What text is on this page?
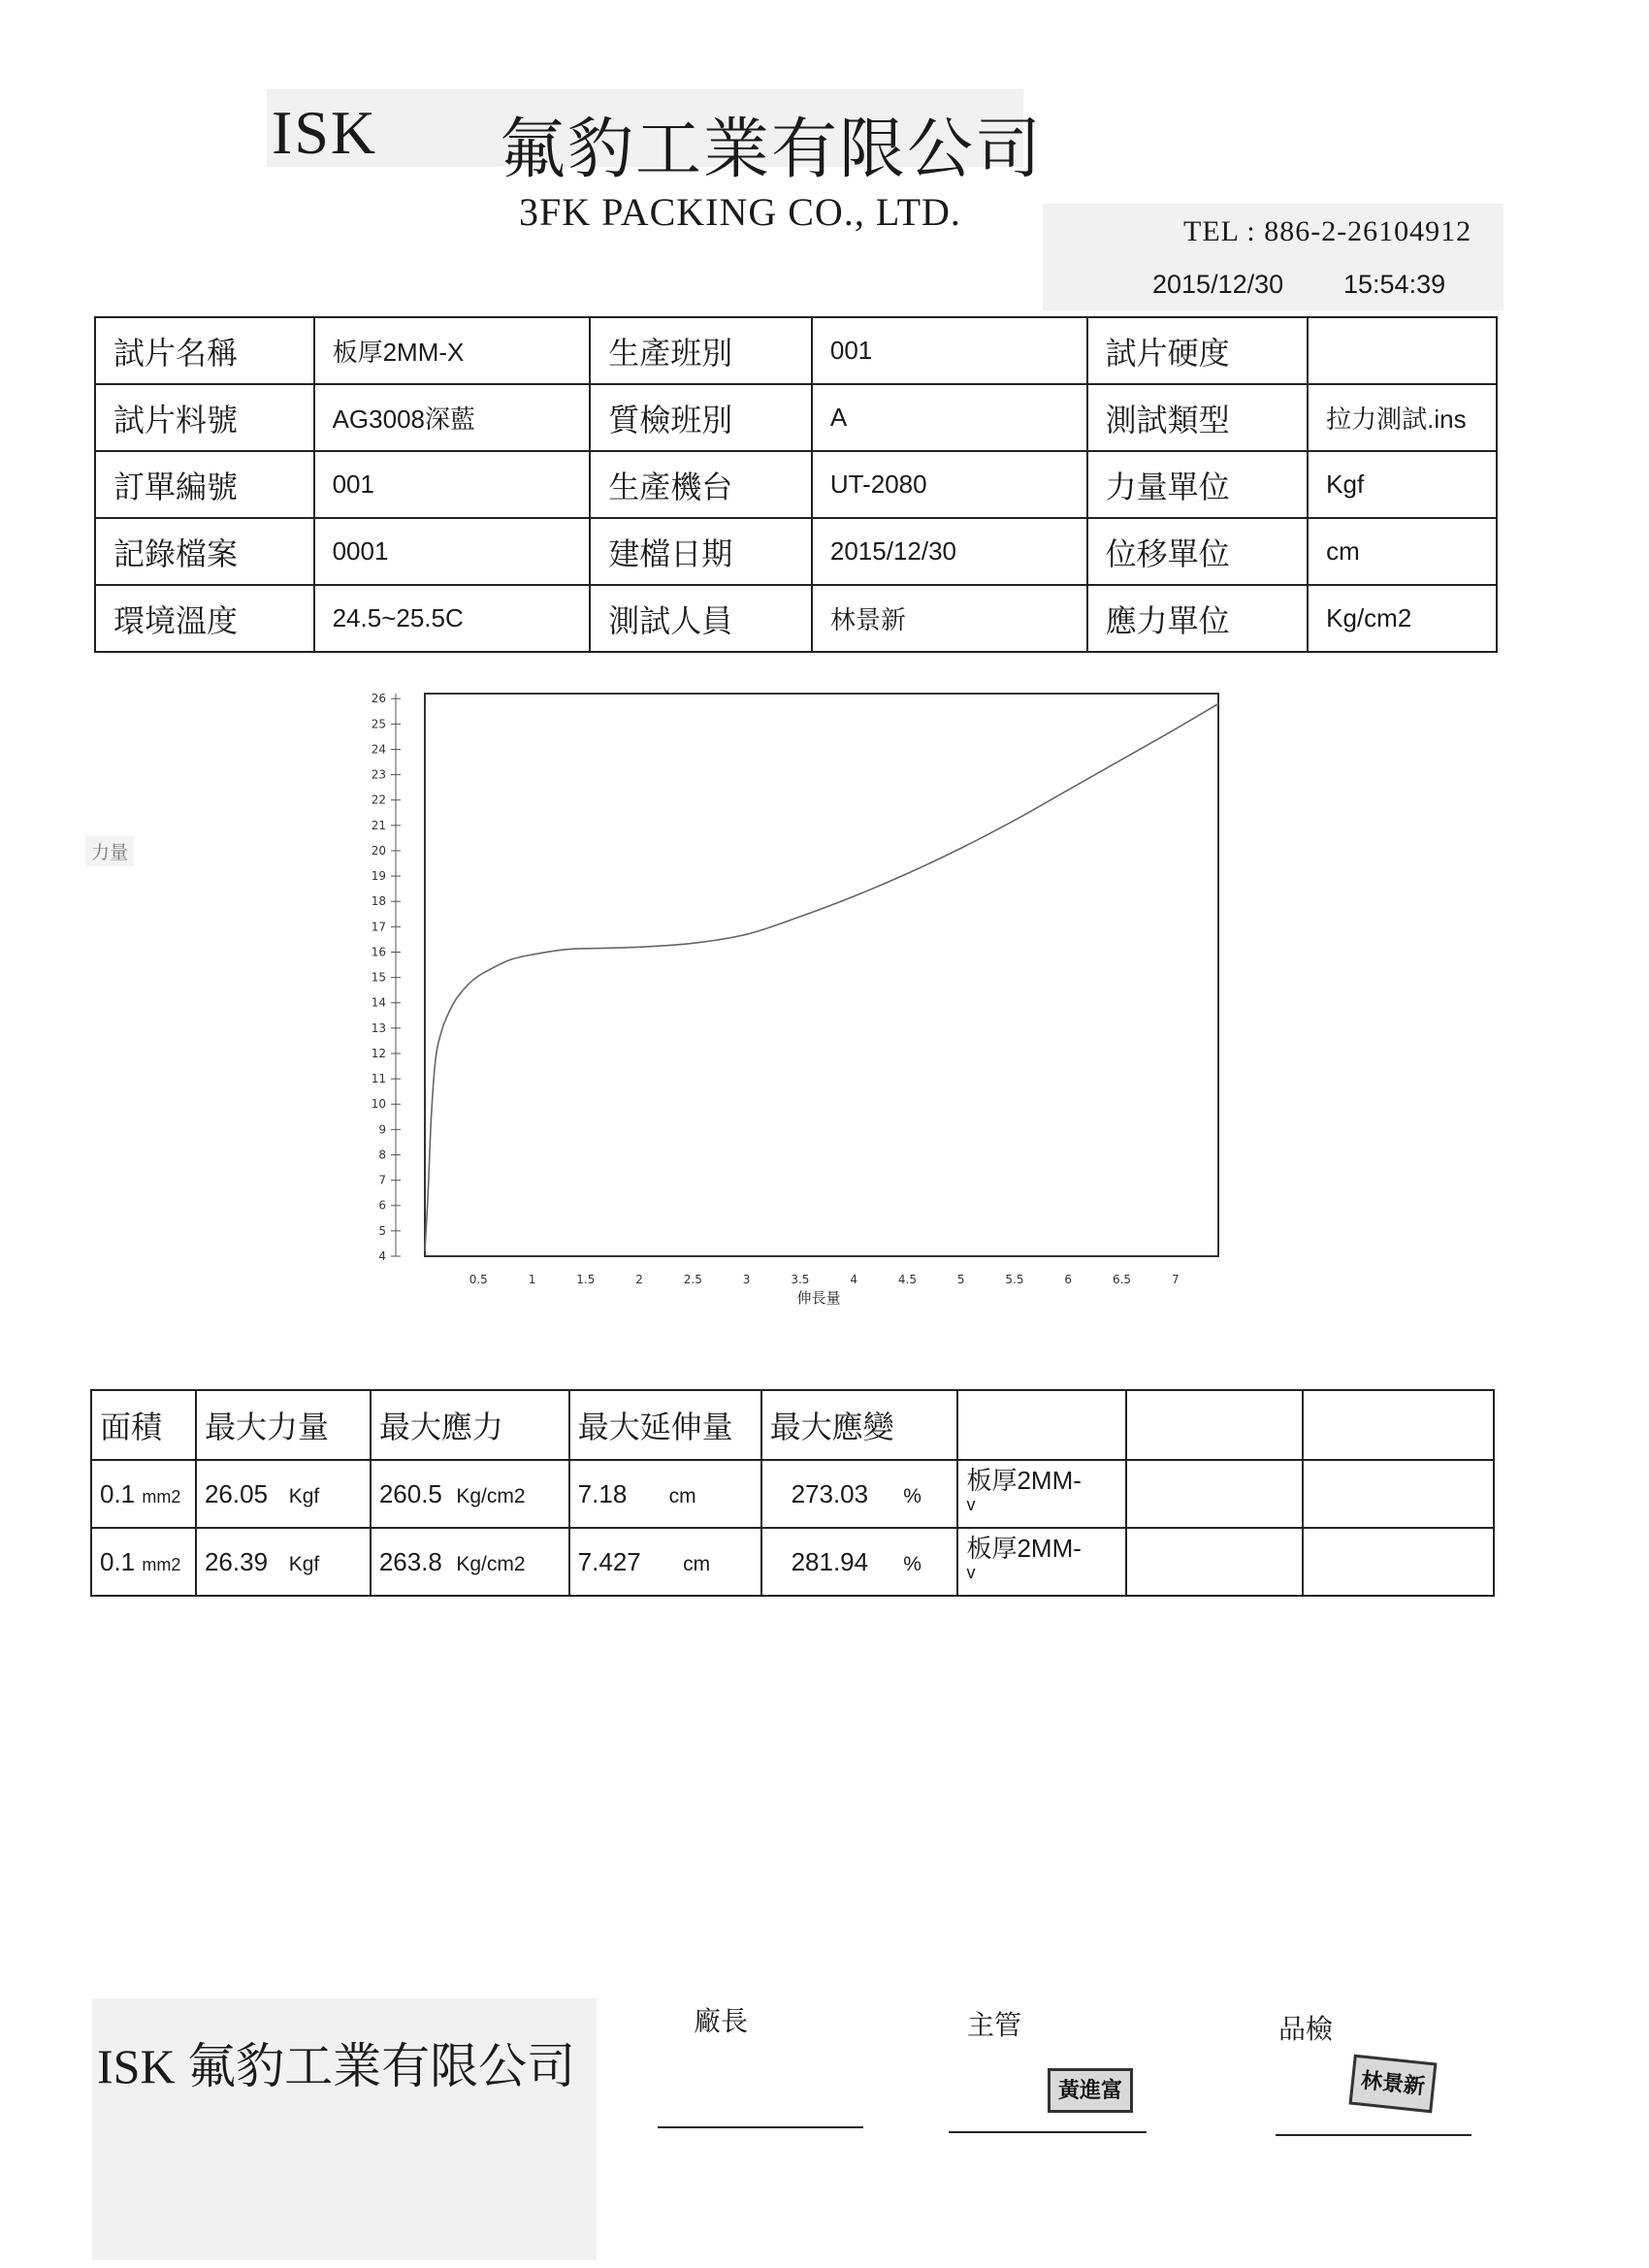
ISK 氟豹工業有限公司
3FK PACKING CO., LTD.	TEL : 886-2-26104912
2015/12/30 15:54:39
試片名稱	板厚2MM-X	生產班別	001	試片硬度	
試片料號	AG3008深藍	質檢班別	A	測試類型	拉力測試.ins
訂單編號	001	生產機台	UT-2080	力量單位	Kgf
記錄檔案	0001	建檔日期	2015/12/30	位移單位	cm
環境溫度	24.5~25.5C	測試人員	林景新	應力單位	Kg/cm2
力量
4
5
6
7
8
9
10
11
12
13
14
15
16
17
18
19
20
21
22
23
24
25
26
0.5	1	1.5	2	2.5	3	3.5	4	4.5	5	5.5	6	6.5	7
伸長量
面積	最大力量	最大應力	最大延伸量	最大應變			
0.1 mm2	26.05 Kgf	260.5 Kg/cm2	7.18 cm	273.03 %	板厚2MM-
$^v$		
0.1 mm2	26.39 Kgf	263.8 Kg/cm2	7.427 cm	281.94 %	板厚2MM-
$^v$		
ISK 氟豹工業有限公司
廠長	主管
黃進富
品檢
林景新
